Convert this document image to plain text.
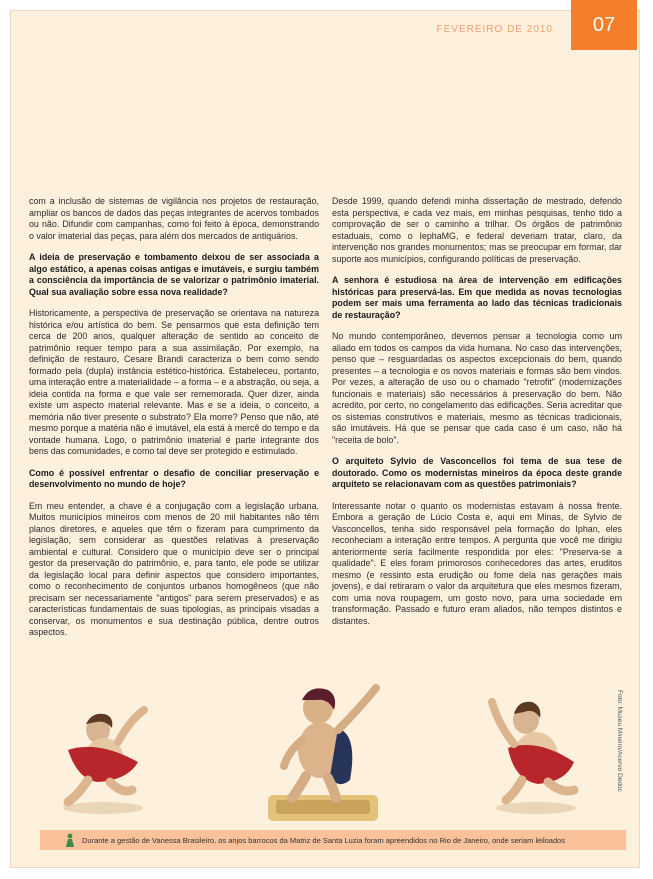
FEVEREIRO DE 2010	07

com a inclusão de sistemas de vigilância nos projetos de restauração, ampliar os bancos de dados das peças integrantes de acervos tombados ou não. Difundir com campanhas, como foi feito à época, demonstrando o valor imaterial das peças, para além dos mercados de antiquários.

A ideia de preservação e tombamento deixou de ser associada a algo estático, a apenas coisas antigas e imutáveis, e surgiu também a consciência da importância de se valorizar o patrimônio imaterial. Qual sua avaliação sobre essa nova realidade?

Historicamente, a perspectiva de preservação se orientava na natureza histórica e/ou artística do bem. Se pensarmos que esta definição tem cerca de 200 anos, qualquer alteração de sentido ao conceito de patrimônio requer tempo para a sua assimilação. Por exemplo, na definição de restauro, Cesare Brandi caracteriza o bem como sendo formado pela (dupla) instância estético-histórica. Estabeleceu, portanto, uma interação entre a materialidade – a forma – e a abstração, ou seja, a ideia contida na forma e que vale ser rememorada. Quer dizer, ainda existe um aspecto material relevante. Mas e se a ideia, o conceito, a memória não tiver presente o substrato? Ela morre? Penso que não, até mesmo porque a matéria não é imutável, ela está à mercê do tempo e da vontade humana. Logo, o patrimônio imaterial é parte integrante dos bens das comunidades, e como tal deve ser protegido e estimulado.

Como é possível enfrentar o desafio de conciliar preservação e desenvolvimento no mundo de hoje?

Em meu entender, a chave é a conjugação com a legislação urbana. Muitos municípios mineiros com menos de 20 mil habitantes não têm planos diretores, e aqueles que têm o fizeram para cumprimento da legislação, sem considerar as questões relativas à preservação ambiental e cultural. Considero que o município deve ser o principal gestor da preservação do patrimônio, e, para tanto, ele pode se utilizar da legislação local para definir aspectos que considero importantes, como o reconhecimento de conjuntos urbanos homogêneos (que não precisam ser necessariamente "antigos" para serem preservados) e as características fundamentais de suas tipologias, as principais visadas a conservar, os monumentos e sua destinação pública, dentre outros aspectos.

Desde 1999, quando defendi minha dissertação de mestrado, defendo esta perspectiva, e cada vez mais, em minhas pesquisas, tenho tido a comprovação de ser o caminho a trilhar. Os órgãos de patrimônio estaduais, como o IephaMG, e federal deveriam tratar, claro, da intervenção nos grandes monumentos; mas se preocupar em formar, dar suporte aos municípios, configurando políticas de preservação.

A senhora é estudiosa na área de intervenção em edificações históricas para preservá-las. Em que medida as novas tecnologias podem ser mais uma ferramenta ao lado das técnicas tradicionais de restauração?

No mundo contemporâneo, devemos pensar a tecnologia como um aliado em todos os campos da vida humana. No caso das intervenções, penso que – resguardadas os aspectos excepcionais do bem, quando presentes – a tecnologia e os novos materiais e formas são bem vindos. Por vezes, a alteração de uso ou o chamado "retrofit" (modernizações funcionais e materiais) são necessários à preservação do bem. Não acredito, por certo, no congelamento das edificações. Seria acreditar que os sistemas construtivos e materiais, mesmo as técnicas tradicionais, são imutáveis. Há que se pensar que cada caso é um caso, não há "receita de bolo".

O arquiteto Sylvio de Vasconcellos foi tema de sua tese de doutorado. Como os modernistas mineiros da época deste grande arquiteto se relacionavam com as questões patrimoniais?

Interessante notar o quanto os modernistas estavam à nossa frente. Embora a geração de Lúcio Costa e, aqui em Minas, de Sylvio de Vasconcellos, tenha sido responsável pela formação do Iphan, eles reconheciam a interação entre tempos. A pergunta que você me dirigiu anteriormente seria facilmente respondida por eles: "Preserva-se a qualidade". E eles foram primorosos conhecedores das artes, eruditos mesmo (e ressinto esta erudição ou fome dela nas gerações mais jovens), e daí retiraram o valor da arquitetura que eles mesmos fizeram, com uma nova roupagem, um gosto novo, para uma sociedade em transformação. Passado e futuro eram aliados, não tempos distintos e distantes.

Foto: Museu Mineiro/Acervo Dedoc
Durante a gestão de Vanessa Brasileiro, os anjos barrocos da Matriz de Santa Luzia foram apreendidos no Rio de Janeiro, onde seriam leiloados
